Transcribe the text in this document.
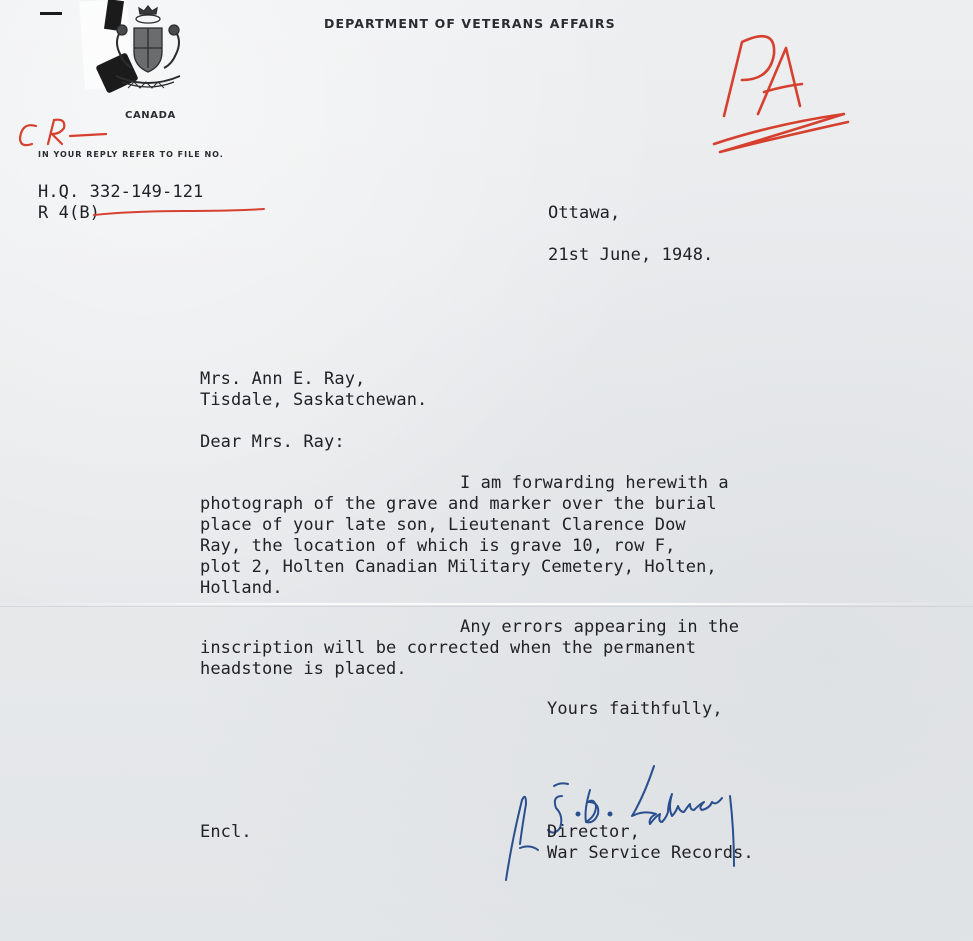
DEPARTMENT OF VETERANS AFFAIRS
CANADA
IN YOUR REPLY REFER TO FILE NO.
H.Q. 332-149-121
R 4(B)	Ottawa,
21st June, 1948.
Mrs. Ann E. Ray,
Tisdale, Saskatchewan.
Dear Mrs. Ray:
I am forwarding herewith a
photograph of the grave and marker over the burial
place of your late son, Lieutenant Clarence Dow
Ray, the location of which is grave 10, row F,
plot 2, Holten Canadian Military Cemetery, Holten,
Holland.
Any errors appearing in the
inscription will be corrected when the permanent
headstone is placed.
Yours faithfully,
Encl.	Director,
War Service Records.
